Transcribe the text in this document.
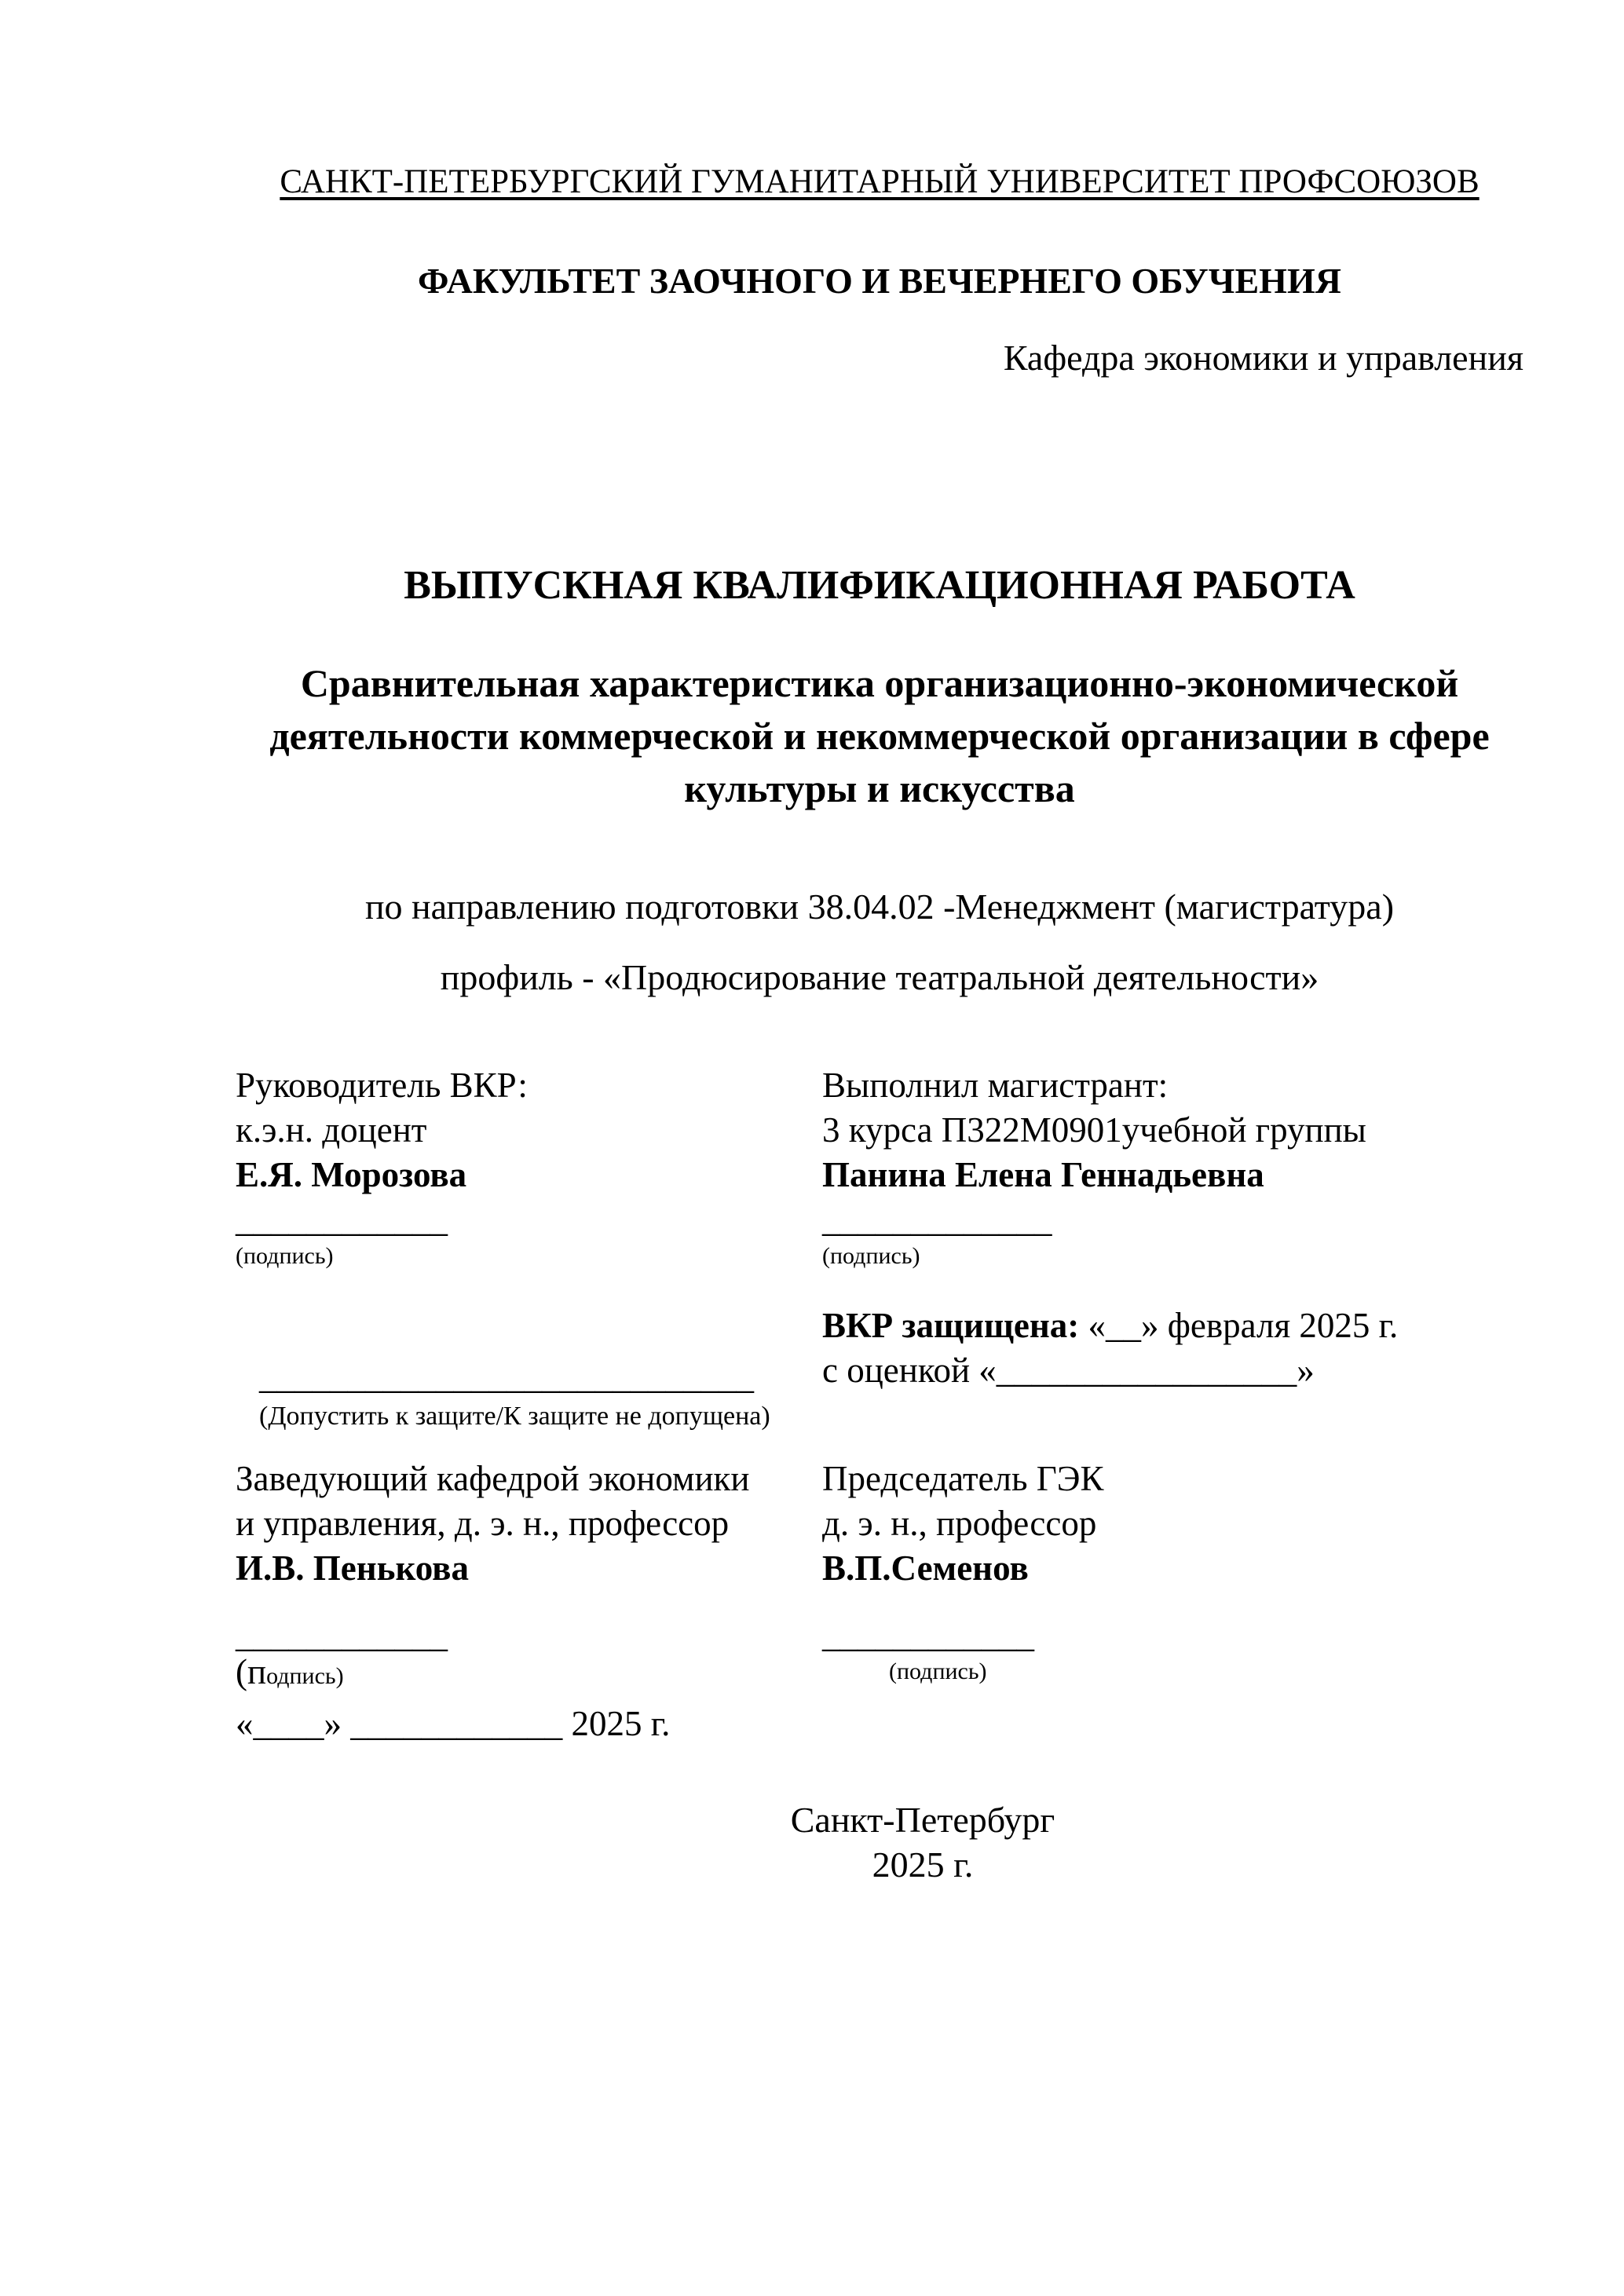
САНКТ-ПЕТЕРБУРГСКИЙ ГУМАНИТАРНЫЙ УНИВЕРСИТЕТ ПРОФСОЮЗОВ
ФАКУЛЬТЕТ ЗАОЧНОГО И ВЕЧЕРНЕГО ОБУЧЕНИЯ
Кафедра экономики и управления
ВЫПУСКНАЯ КВАЛИФИКАЦИОННАЯ РАБОТА
Сравнительная характеристика организационно-экономической
деятельности коммерческой и некоммерческой организации в сфере
культуры и искусства
по направлению подготовки 38.04.02 -Менеджмент (магистратура)
профиль - «Продюсирование театральной деятельности»
Руководитель ВКР:
к.э.н. доцент
Е.Я. Морозова
____________
(подпись)
Выполнил магистрант:
3 курса П322М0901учебной группы
Панина Елена Геннадьевна
_____________
(подпись)
ВКР защищена: «__» февраля 2025 г.
с оценкой «_________________»
____________________________
(Допустить к защите/К защите не допущена)
Заведующий кафедрой экономики
и управления, д. э. н., профессор
И.В. Пенькова
____________
(подпись)
«____» ____________ 2025 г.
Председатель ГЭК
д. э. н., профессор
В.П.Семенов
____________
(подпись)
Санкт-Петербург
2025 г.
